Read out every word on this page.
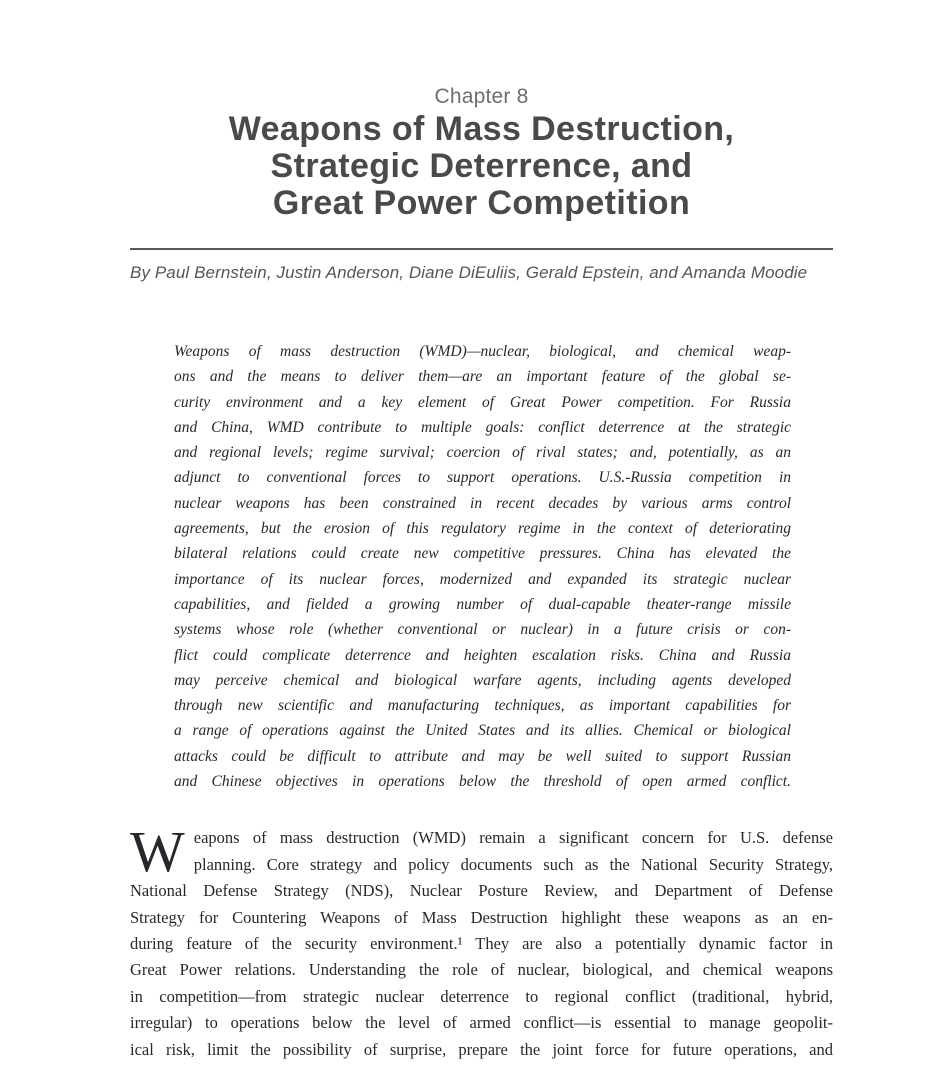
Chapter 8
Weapons of Mass Destruction,
Strategic Deterrence, and
Great Power Competition
By Paul Bernstein, Justin Anderson, Diane DiEuliis, Gerald Epstein, and Amanda Moodie
Weapons of mass destruction (WMD)—nuclear, biological, and chemical weap-
ons and the means to deliver them—are an important feature of the global se-
curity environment and a key element of Great Power competition. For Russia
and China, WMD contribute to multiple goals: conflict deterrence at the strategic
and regional levels; regime survival; coercion of rival states; and, potentially, as an
adjunct to conventional forces to support operations. U.S.-Russia competition in
nuclear weapons has been constrained in recent decades by various arms control
agreements, but the erosion of this regulatory regime in the context of deteriorating
bilateral relations could create new competitive pressures. China has elevated the
importance of its nuclear forces, modernized and expanded its strategic nuclear
capabilities, and fielded a growing number of dual-capable theater-range missile
systems whose role (whether conventional or nuclear) in a future crisis or con-
flict could complicate deterrence and heighten escalation risks. China and Russia
may perceive chemical and biological warfare agents, including agents developed
through new scientific and manufacturing techniques, as important capabilities for
a range of operations against the United States and its allies. Chemical or biological
attacks could be difficult to attribute and may be well suited to support Russian
and Chinese objectives in operations below the threshold of open armed conflict.
W eapons of mass destruction (WMD) remain a significant concern for U.S. defense
planning. Core strategy and policy documents such as the National Security Strategy,
National Defense Strategy (NDS), Nuclear Posture Review, and Department of Defense
Strategy for Countering Weapons of Mass Destruction highlight these weapons as an en-
during feature of the security environment.¹ They are also a potentially dynamic factor in
Great Power relations. Understanding the role of nuclear, biological, and chemical weapons
in competition—from strategic nuclear deterrence to regional conflict (traditional, hybrid,
irregular) to operations below the level of armed conflict—is essential to manage geopolit-
ical risk, limit the possibility of surprise, prepare the joint force for future operations, and
